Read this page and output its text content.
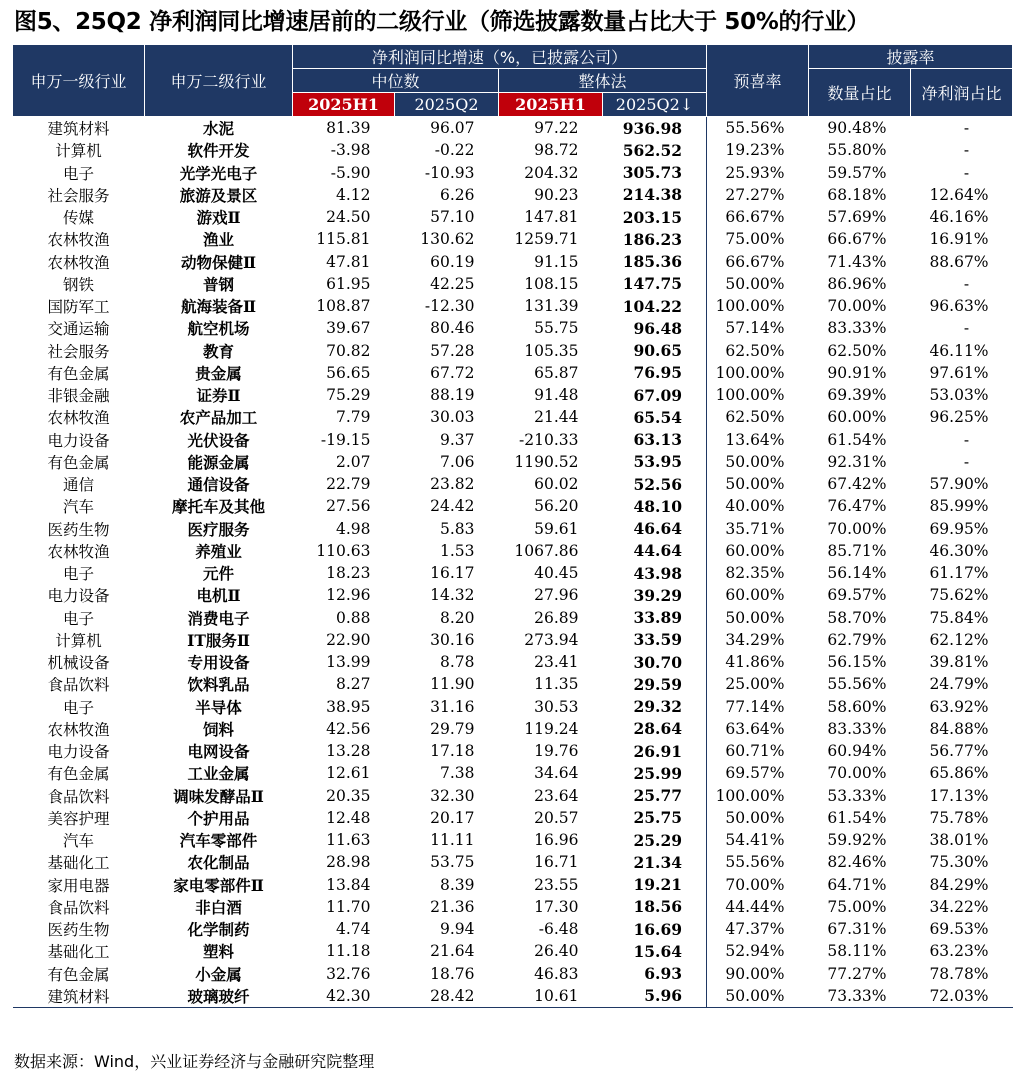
图5、25Q2 净利润同比增速居前的二级行业（筛选披露数量占比大于 50%的行业）
申万一级行业	申万二级行业	净利润同比增速（%，已披露公司）				预喜率	披露率	
		中位数		整体法			数量占比	净利润占比
		2025H1	2025Q2	2025H1	2025Q2↓			
建筑材料	水泥	81.39	96.07	97.22	936.98	55.56%	90.48%	-
计算机	软件开发	-3.98	-0.22	98.72	562.52	19.23%	55.80%	-
电子	光学光电子	-5.90	-10.93	204.32	305.73	25.93%	59.57%	-
社会服务	旅游及景区	4.12	6.26	90.23	214.38	27.27%	68.18%	12.64%
传媒	游戏Ⅱ	24.50	57.10	147.81	203.15	66.67%	57.69%	46.16%
农林牧渔	渔业	115.81	130.62	1259.71	186.23	75.00%	66.67%	16.91%
农林牧渔	动物保健Ⅱ	47.81	60.19	91.15	185.36	66.67%	71.43%	88.67%
钢铁	普钢	61.95	42.25	108.15	147.75	50.00%	86.96%	-
国防军工	航海装备Ⅱ	108.87	-12.30	131.39	104.22	100.00%	70.00%	96.63%
交通运输	航空机场	39.67	80.46	55.75	96.48	57.14%	83.33%	-
社会服务	教育	70.82	57.28	105.35	90.65	62.50%	62.50%	46.11%
有色金属	贵金属	56.65	67.72	65.87	76.95	100.00%	90.91%	97.61%
非银金融	证券Ⅱ	75.29	88.19	91.48	67.09	100.00%	69.39%	53.03%
农林牧渔	农产品加工	7.79	30.03	21.44	65.54	62.50%	60.00%	96.25%
电力设备	光伏设备	-19.15	9.37	-210.33	63.13	13.64%	61.54%	-
有色金属	能源金属	2.07	7.06	1190.52	53.95	50.00%	92.31%	-
通信	通信设备	22.79	23.82	60.02	52.56	50.00%	67.42%	57.90%
汽车	摩托车及其他	27.56	24.42	56.20	48.10	40.00%	76.47%	85.99%
医药生物	医疗服务	4.98	5.83	59.61	46.64	35.71%	70.00%	69.95%
农林牧渔	养殖业	110.63	1.53	1067.86	44.64	60.00%	85.71%	46.30%
电子	元件	18.23	16.17	40.45	43.98	82.35%	56.14%	61.17%
电力设备	电机Ⅱ	12.96	14.32	27.96	39.29	60.00%	69.57%	75.62%
电子	消费电子	0.88	8.20	26.89	33.89	50.00%	58.70%	75.84%
计算机	IT服务Ⅱ	22.90	30.16	273.94	33.59	34.29%	62.79%	62.12%
机械设备	专用设备	13.99	8.78	23.41	30.70	41.86%	56.15%	39.81%
食品饮料	饮料乳品	8.27	11.90	11.35	29.59	25.00%	55.56%	24.79%
电子	半导体	38.95	31.16	30.53	29.32	77.14%	58.60%	63.92%
农林牧渔	饲料	42.56	29.79	119.24	28.64	63.64%	83.33%	84.88%
电力设备	电网设备	13.28	17.18	19.76	26.91	60.71%	60.94%	56.77%
有色金属	工业金属	12.61	7.38	34.64	25.99	69.57%	70.00%	65.86%
食品饮料	调味发酵品Ⅱ	20.35	32.30	23.64	25.77	100.00%	53.33%	17.13%
美容护理	个护用品	12.48	20.17	20.57	25.75	50.00%	61.54%	75.78%
汽车	汽车零部件	11.63	11.11	16.96	25.29	54.41%	59.92%	38.01%
基础化工	农化制品	28.98	53.75	16.71	21.34	55.56%	82.46%	75.30%
家用电器	家电零部件Ⅱ	13.84	8.39	23.55	19.21	70.00%	64.71%	84.29%
食品饮料	非白酒	11.70	21.36	17.30	18.56	44.44%	75.00%	34.22%
医药生物	化学制药	4.74	9.94	-6.48	16.69	47.37%	67.31%	69.53%
基础化工	塑料	11.18	21.64	26.40	15.64	52.94%	58.11%	63.23%
有色金属	小金属	32.76	18.76	46.83	6.93	90.00%	77.27%	78.78%
建筑材料	玻璃玻纤	42.30	28.42	10.61	5.96	50.00%	73.33%	72.03%
数据来源：Wind，兴业证券经济与金融研究院整理
